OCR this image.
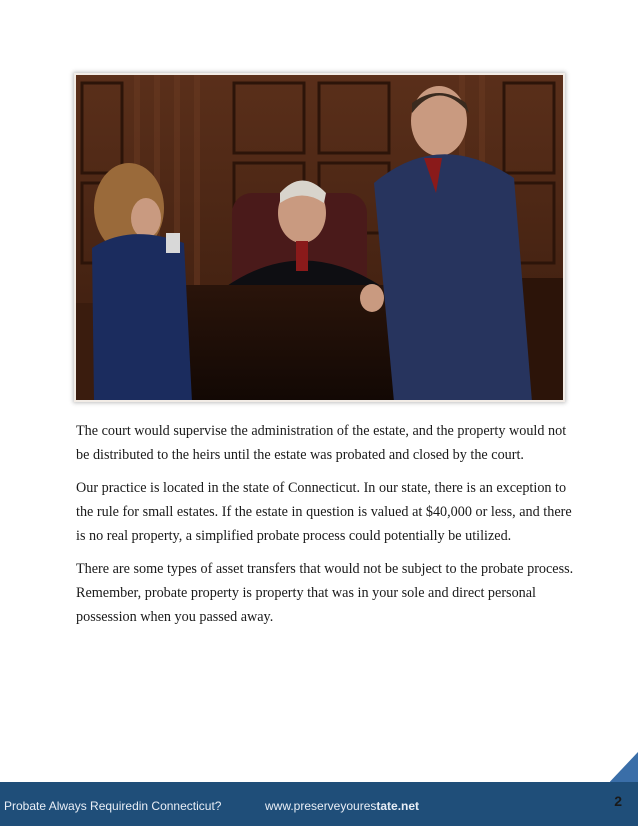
The court would supervise the administration of the estate, and the property would not be distributed to the heirs until the estate was probated and closed by the court.

Our practice is located in the state of Connecticut. In our state, there is an exception to the rule for small estates. If the estate in question is valued at $40,000 or less, and there is no real property, a simplified probate process could potentially be utilized.

There are some types of asset transfers that would not be subject to the probate process. Remember, probate property is property that was in your sole and direct personal possession when you passed away.

Probate Always Requiredin Connecticut?	www.preserveyourestate.net	2
